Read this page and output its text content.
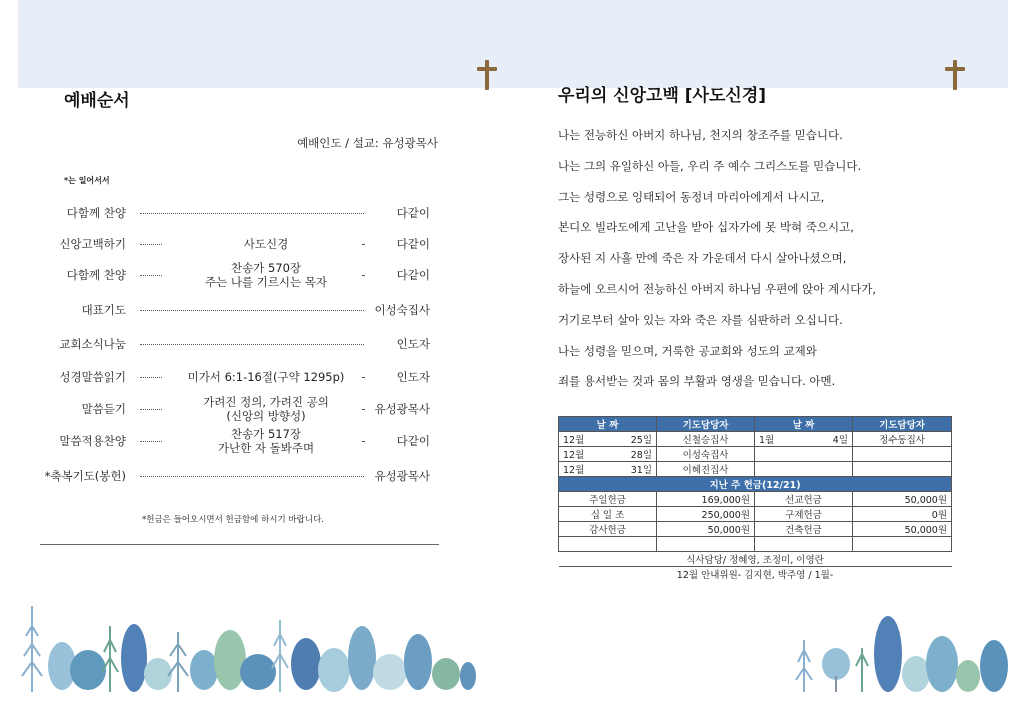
예배순서
예배인도 / 설교: 유성광목사
*는 일어서서
다함께 찬양	다같이
신앙고백하기	사도신경	다같이
다함께 찬양	찬송가 570장
주는 나를 기르시는 목자	다같이
대표기도	이성숙집사
교회소식나눔	인도자
성경말씀읽기	미가서 6:1-16절(구약 1295p)	인도자
말씀듣기	가려진 정의, 가려진 공의
(신앙의 방향성)	유성광목사
말씀적용찬양	찬송가 517장
가난한 자 돌봐주며	다같이
*축복기도(봉헌)	유성광목사
*헌금은 들어오시면서 헌금함에 하시기 바랍니다.
우리의 신앙고백 [사도신경]
나는 전능하신 아버지 하나님, 천지의 창조주를 믿습니다.
나는 그의 유일하신 아들, 우리 주 예수 그리스도를 믿습니다.
그는 성령으로 잉태되어 동정녀 마리아에게서 나시고,
본디오 빌라도에게 고난을 받아 십자가에 못 박혀 죽으시고,
장사된 지 사흘 만에 죽은 자 가운데서 다시 살아나셨으며,
하늘에 오르시어 전능하신 아버지 하나님 우편에 앉아 계시다가,
거기로부터 살아 있는 자와 죽은 자를 심판하러 오십니다.
나는 성령을 믿으며, 거룩한 공교회와 성도의 교제와
죄를 용서받는 것과 몸의 부활과 영생을 믿습니다. 아멘.
날 짜		기도담당자	날 짜		기도담당자
12월	25일	신철승집사	1월	4일	정수동집사
12월	28일	이성숙집사			
12월	31일	이혜진집사			
지난 주 헌금(12/21)					
주일헌금		169,000원	선교헌금		50,000원
십 일 조		250,000원	구제헌금		0원
감사헌금		50,000원	건축헌금		50,000원

식사담당/ 정혜영, 조정미, 이영란					
12월 안내위원- 김지현, 박주영 / 1월-					
